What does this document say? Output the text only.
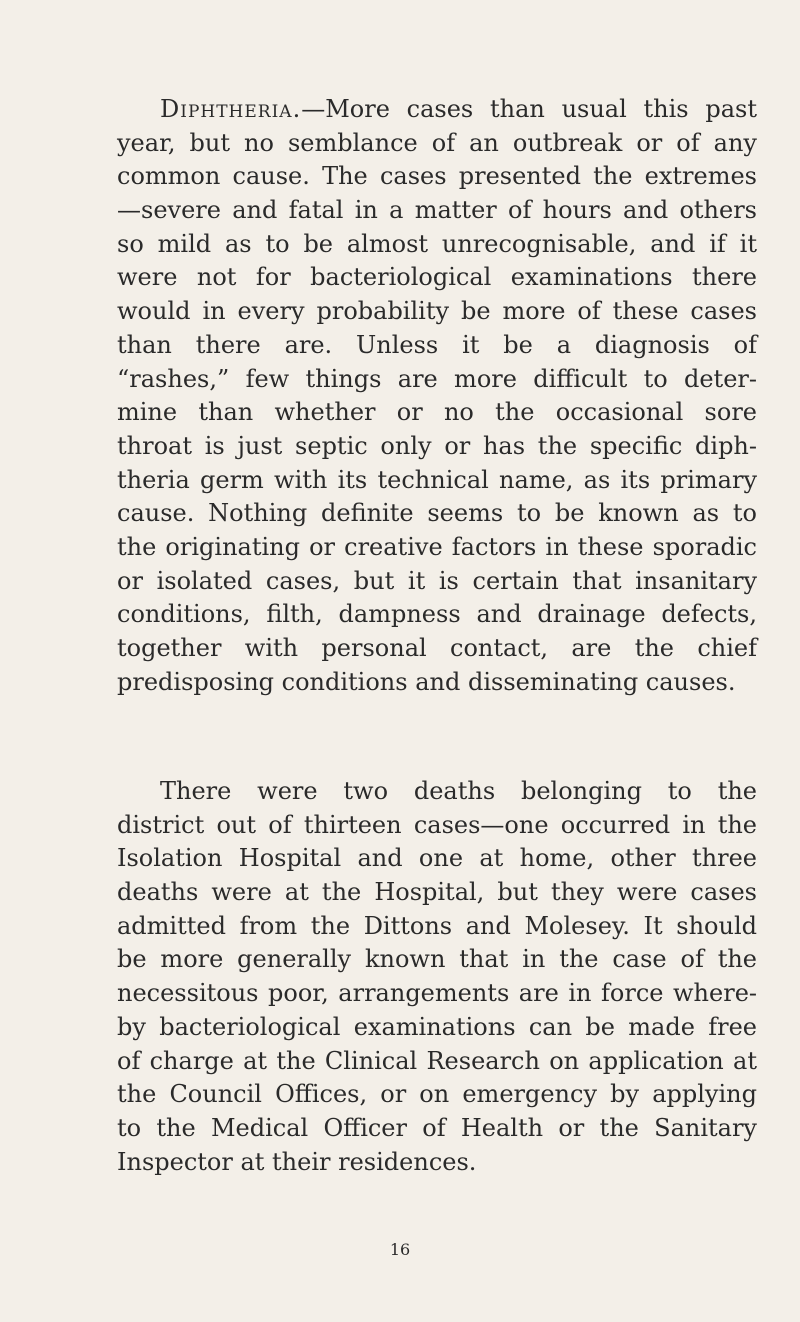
Diphtheria.—More cases than usual this past
year, but no semblance of an outbreak or of any
common cause. The cases presented the extremes
—severe and fatal in a matter of hours and others
so mild as to be almost unrecognisable, and if it
were not for bacteriological examinations there
would in every probability be more of these cases
than there are. Unless it be a diagnosis of
“rashes,” few things are more difficult to deter-
mine than whether or no the occasional sore
throat is just septic only or has the specific diph-
theria germ with its technical name, as its primary
cause. Nothing definite seems to be known as to
the originating or creative factors in these sporadic
or isolated cases, but it is certain that insanitary
conditions, filth, dampness and drainage defects,
together with personal contact, are the chief
predisposing conditions and disseminating causes.
There were two deaths belonging to the
district out of thirteen cases—one occurred in the
Isolation Hospital and one at home, other three
deaths were at the Hospital, but they were cases
admitted from the Dittons and Molesey. It should
be more generally known that in the case of the
necessitous poor, arrangements are in force where-
by bacteriological examinations can be made free
of charge at the Clinical Research on application at
the Council Offices, or on emergency by applying
to the Medical Officer of Health or the Sanitary
Inspector at their residences.
16
